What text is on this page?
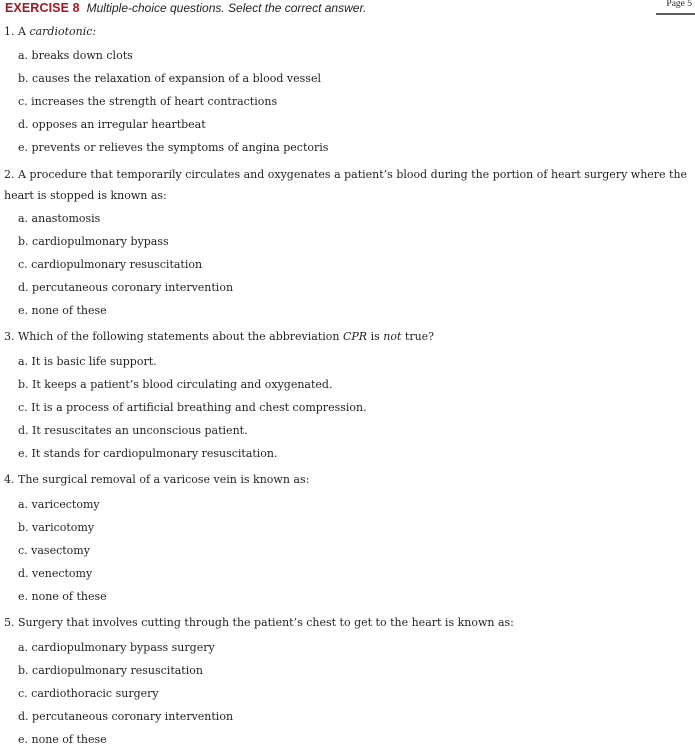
EXERCISE 8 Multiple-choice questions. Select the correct answer.	Page 5
1. A cardiotonic:
a. breaks down clots
b. causes the relaxation of expansion of a blood vessel
c. increases the strength of heart contractions
d. opposes an irregular heartbeat
e. prevents or relieves the symptoms of angina pectoris
2. A procedure that temporarily circulates and oxygenates a patient’s blood during the portion of heart surgery where the heart is stopped is known as:
a. anastomosis
b. cardiopulmonary bypass
c. cardiopulmonary resuscitation
d. percutaneous coronary intervention
e. none of these
3. Which of the following statements about the abbreviation CPR is not true?
a. It is basic life support.
b. It keeps a patient’s blood circulating and oxygenated.
c. It is a process of artificial breathing and chest compression.
d. It resuscitates an unconscious patient.
e. It stands for cardiopulmonary resuscitation.
4. The surgical removal of a varicose vein is known as:
a. varicectomy
b. varicotomy
c. vasectomy
d. venectomy
e. none of these
5. Surgery that involves cutting through the patient’s chest to get to the heart is known as:
a. cardiopulmonary bypass surgery
b. cardiopulmonary resuscitation
c. cardiothoracic surgery
d. percutaneous coronary intervention
e. none of these
